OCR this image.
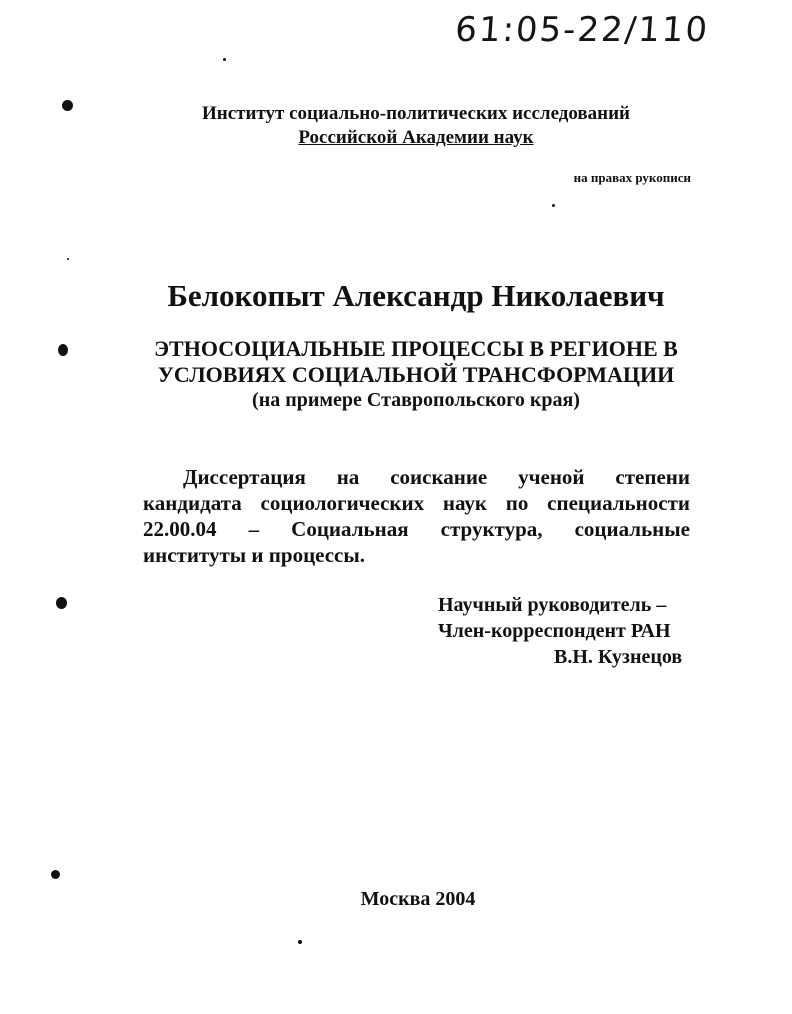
61:05-22/110
Институт социально-политических исследований
Российской Академии наук
на правах рукописи
Белокопыт Александр Николаевич
ЭТНОСОЦИАЛЬНЫЕ ПРОЦЕССЫ В РЕГИОНЕ В
УСЛОВИЯХ СОЦИАЛЬНОЙ ТРАНСФОРМАЦИИ
(на примере Ставропольского края)
Диссертация на соискание ученой степени кандидата социологических наук по специальности 22.00.04 – Социальная структура, социальные институты и процессы.
Научный руководитель –
Член-корреспондент РАН
В.Н. Кузнецов
Москва 2004
